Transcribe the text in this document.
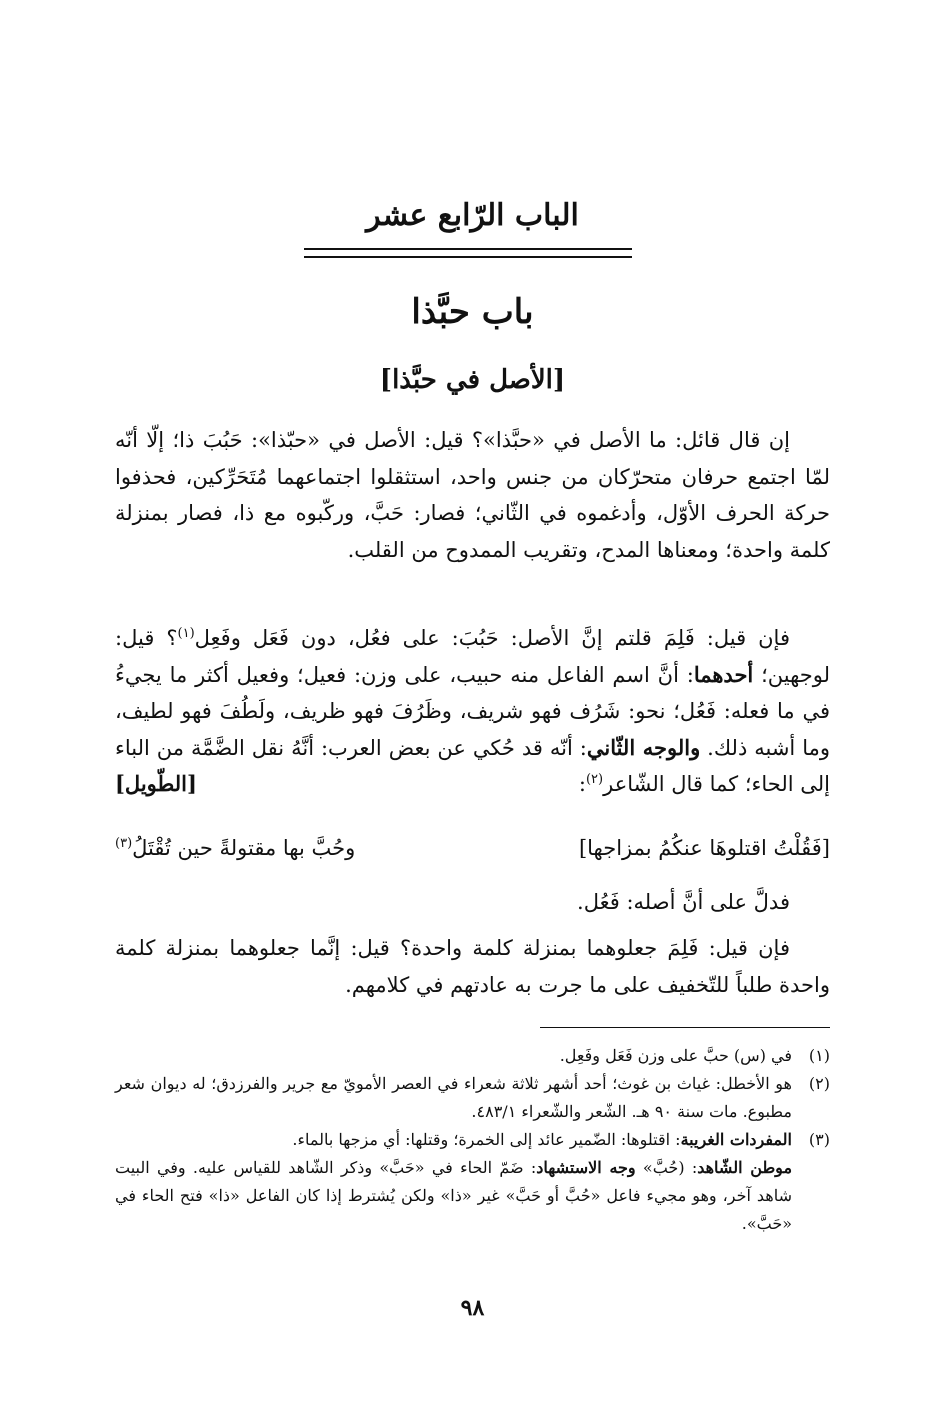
الباب الرّابع عشر
باب حبَّذا
[الأصل في حبَّذا]
إن قال قائل: ما الأصل في «حبَّذا»؟ قيل: الأصل في «حبّذا»: حَبُبَ ذا؛ إلّا أنّه لمّا اجتمع حرفان متحرّكان من جنس واحد، استثقلوا اجتماعهما مُتَحَرِّكين، فحذفوا حركة الحرف الأوّل، وأدغموه في الثّاني؛ فصار: حَبَّ، وركّبوه مع ذا، فصار بمنزلة كلمة واحدة؛ ومعناها المدح، وتقريب الممدوح من القلب.
فإن قيل: فَلِمَ قلتم إنَّ الأصل: حَبُبَ: على فعُل، دون فَعَل وفَعِل$^{(١)}$؟ قيل: لوجهين؛ أحدهما: أنَّ اسم الفاعل منه حبيب، على وزن: فعيل؛ وفعيل أكثر ما يجيءُ في ما فعله: فَعُل؛ نحو: شَرُف فهو شريف، وظَرُفَ فهو ظريف، ولَطُفَ فهو لطيف، وما أشبه ذلك. والوجه الثّاني: أنّه قد حُكي عن بعض العرب: أنَّهُ نقل الضَّمَّة من الباء إلى الحاء؛ كما قال الشّاعر$^{(٢)}$:
[الطّويل]
[فَقُلْتُ اقتلوهَا عنكُمُ بمزاجها]
وحُبَّ بها مقتولةً حين تُقْتَلُ$^{(٣)}$
فدلَّ على أنَّ أصله: فَعُل.
فإن قيل: فَلِمَ جعلوهما بمنزلة كلمة واحدة؟ قيل: إنَّما جعلوهما بمنزلة كلمة واحدة طلباً للتّخفيف على ما جرت به عادتهم في كلامهم.
(١)
في (س) حبَّ على وزن فَعَل وفَعِل.
(٢)
هو الأخطل: غياث بن غوث؛ أحد أشهر ثلاثة شعراء في العصر الأمويّ مع جرير والفرزدق؛ له ديوان شعر مطبوع. مات سنة ٩٠ هـ. الشّعر والشّعراء ٤٨٣/١.
(٣)
المفردات الغريبة: اقتلوها: الضّمير عائد إلى الخمرة؛ وقتلها: أي مزجها بالماء.
موطن الشّاهد: (حُبَّ» وجه الاستشهاد: ضَمّ الحاء في «حَبَّ» وذكر الشّاهد للقياس عليه. وفي البيت شاهد آخر، وهو مجيء فاعل «حُبَّ أو حَبَّ» غير «ذا» ولكن يُشترط إذا كان الفاعل «ذا» فتح الحاء في «حَبَّ».
٩٨
